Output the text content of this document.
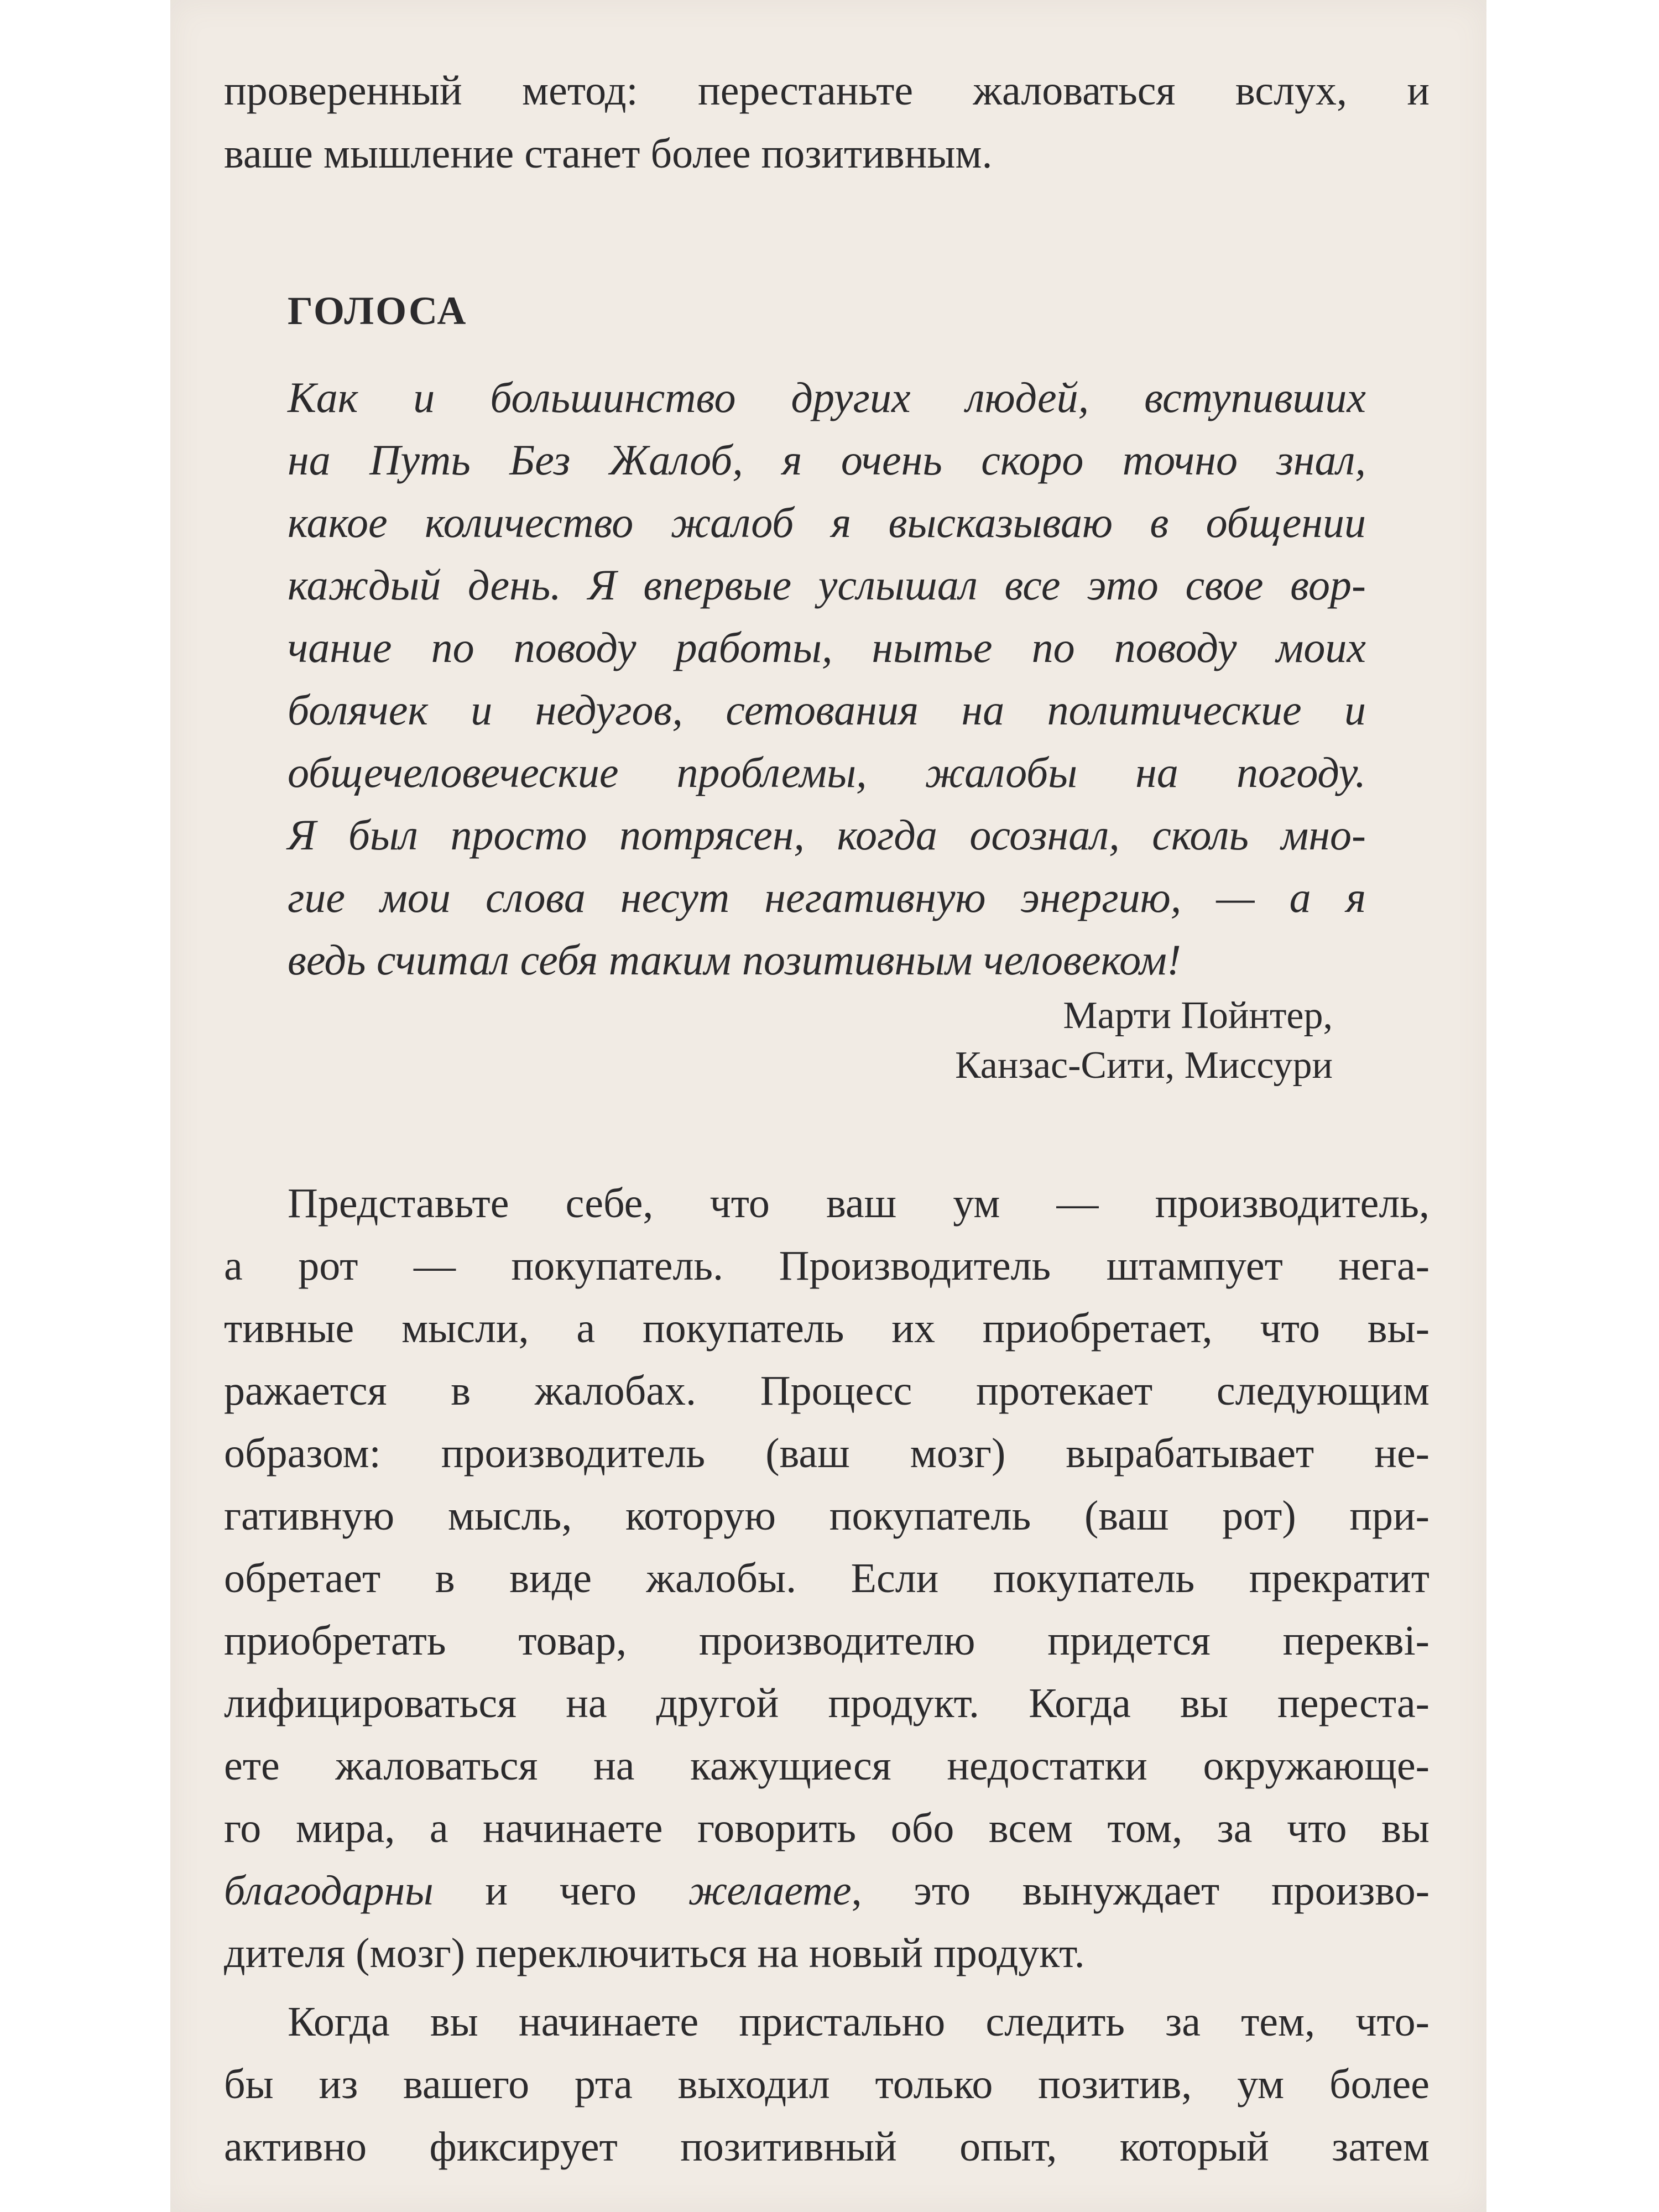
проверенный метод: перестаньте жаловаться вслух, и
ваше мышление станет более позитивным.
ГОЛОСА
Как и большинство других людей, вступивших
на Путь Без Жалоб, я очень скоро точно знал,
какое количество жалоб я высказываю в общении
каждый день. Я впервые услышал все это свое вор-
чание по поводу работы, нытье по поводу моих
болячек и недугов, сетования на политические и
общечеловеческие проблемы, жалобы на погоду.
Я был просто потрясен, когда осознал, сколь мно-
гие мои слова несут негативную энергию, — а я
ведь считал себя таким позитивным человеком!
Марти Пойнтер,
Канзас-Сити, Миссури
Представьте себе, что ваш ум — производитель,
а рот — покупатель. Производитель штампует нега-
тивные мысли, а покупатель их приобретает, что вы-
ражается в жалобах. Процесс протекает следующим
образом: производитель (ваш мозг) вырабатывает не-
гативную мысль, которую покупатель (ваш рот) при-
обретает в виде жалобы. Если покупатель прекратит
приобретать товар, производителю придется перекві-
лифицироваться на другой продукт. Когда вы переста-
ете жаловаться на кажущиеся недостатки окружающе-
го мира, а начинаете говорить обо всем том, за что вы
благодарны и чего желаете, это вынуждает произво-
дителя (мозг) переключиться на новый продукт.
Когда вы начинаете пристально следить за тем, что-
бы из вашего рта выходил только позитив, ум более
активно фиксирует позитивный опыт, который затем
